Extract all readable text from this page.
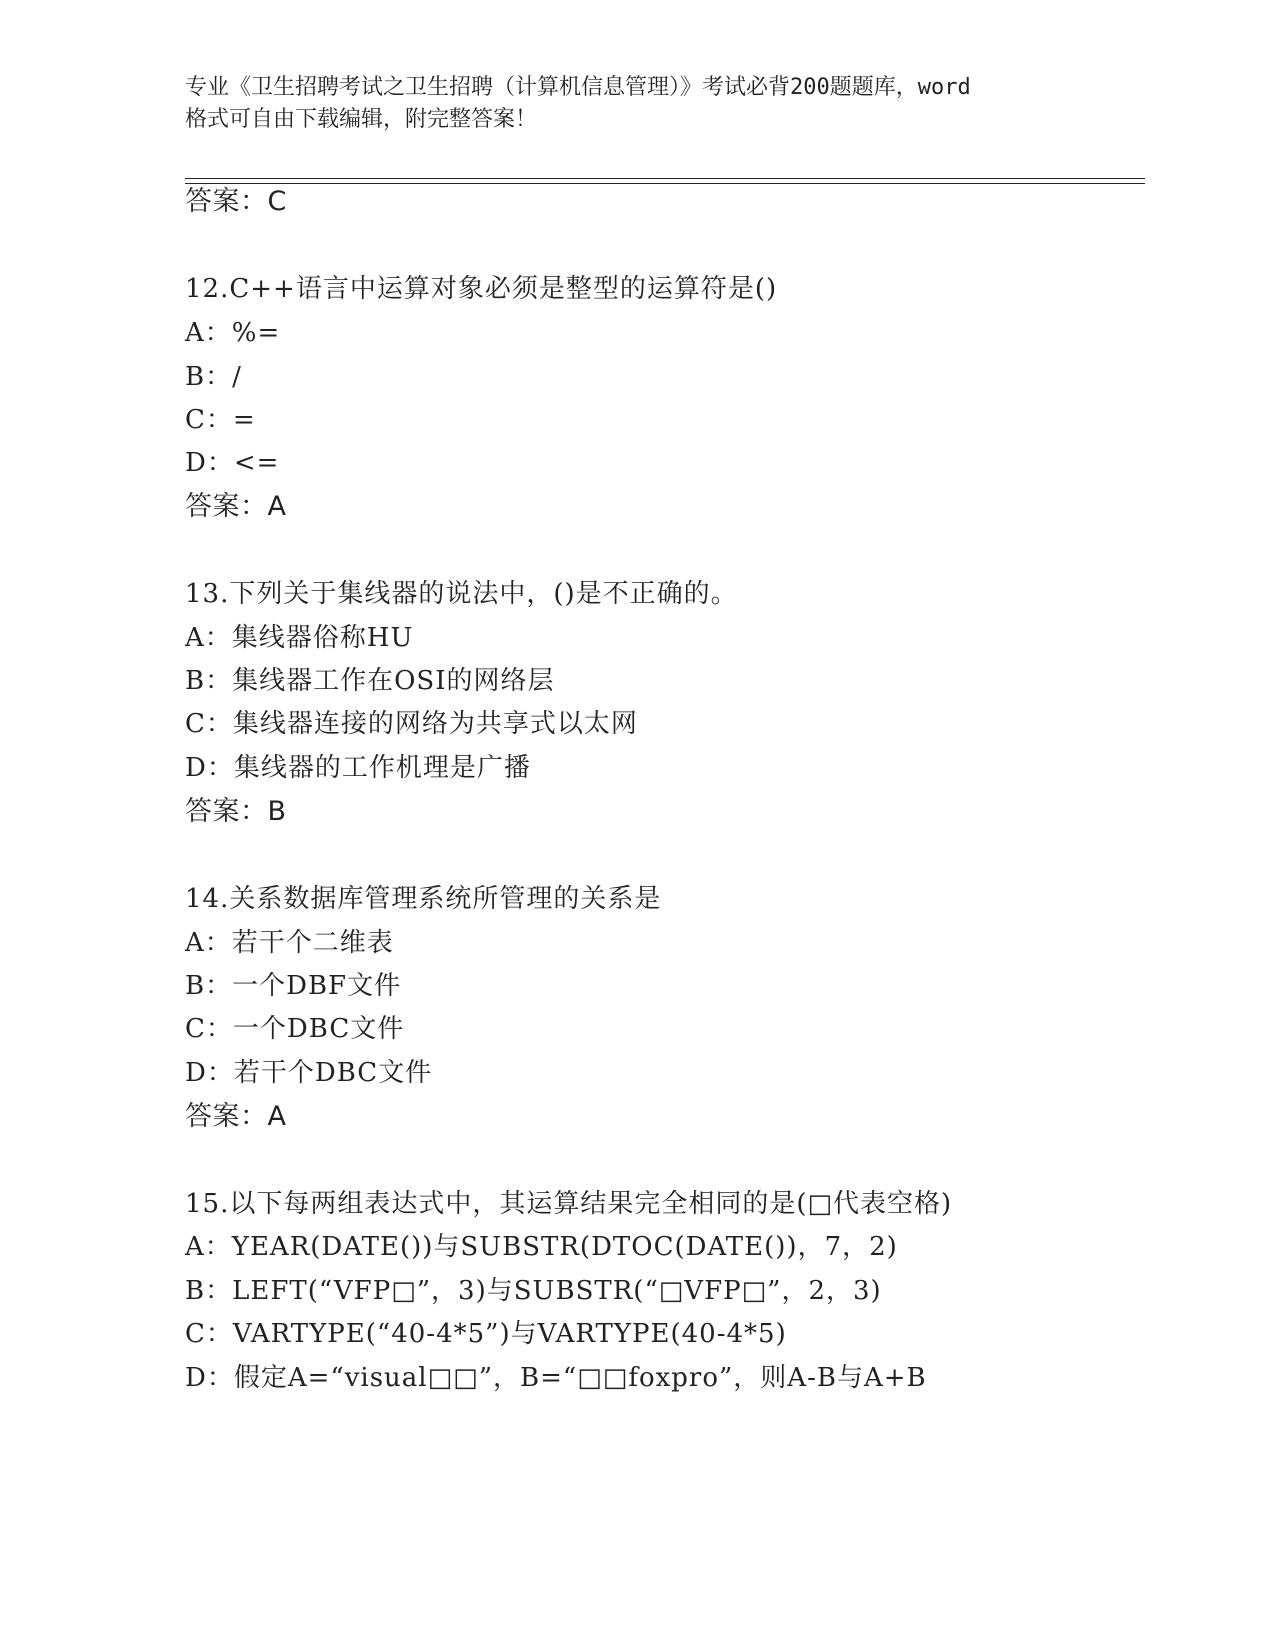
专业《卫生招聘考试之卫生招聘（计算机信息管理）》考试必背200题题库，word
格式可自由下载编辑，附完整答案！
答案：C
12.C++语言中运算对象必须是整型的运算符是()
A：%=
B：/
C：=
D：<=
答案：A
13.下列关于集线器的说法中，()是不正确的。
A：集线器俗称HU
B：集线器工作在OSI的网络层
C：集线器连接的网络为共享式以太网
D：集线器的工作机理是广播
答案：B
14.关系数据库管理系统所管理的关系是
A：若干个二维表
B：一个DBF文件
C：一个DBC文件
D：若干个DBC文件
答案：A
15.以下每两组表达式中，其运算结果完全相同的是(□代表空格)
A：YEAR(DATE())与SUBSTR(DTOC(DATE())，7，2)
B：LEFT(“VFP□”，3)与SUBSTR(“□VFP□”，2，3)
C：VARTYPE(“40-4*5”)与VARTYPE(40-4*5)
D：假定A=“visual□□”，B=“□□foxpro”，则A-B与A+B
